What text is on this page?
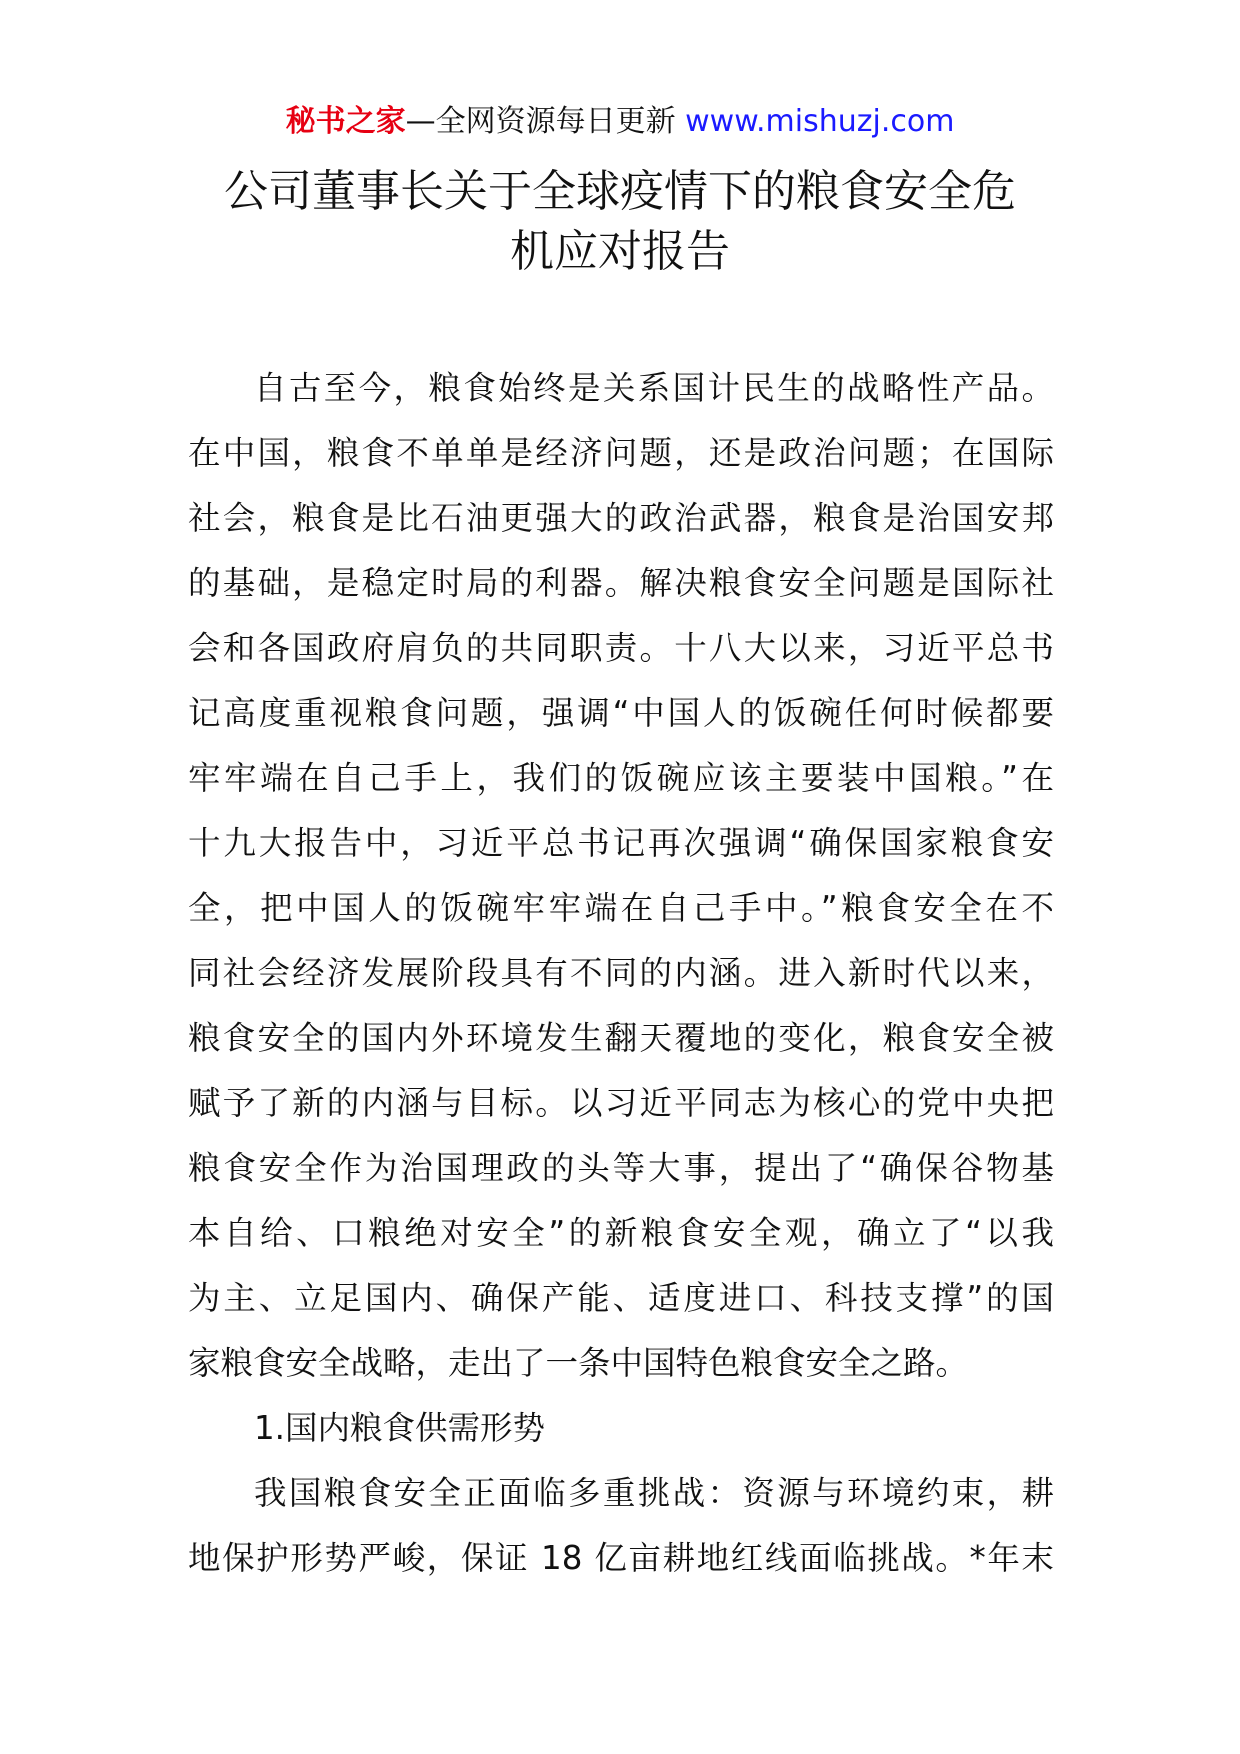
秘书之家—全网资源每日更新 www.mishuzj.com
公司董事长关于全球疫情下的粮食安全危
机应对报告
自古至今，粮食始终是关系国计民生的战略性产品。
在中国，粮食不单单是经济问题，还是政治问题；在国际
社会，粮食是比石油更强大的政治武器，粮食是治国安邦
的基础，是稳定时局的利器。解决粮食安全问题是国际社
会和各国政府肩负的共同职责。十八大以来，习近平总书
记高度重视粮食问题，强调“中国人的饭碗任何时候都要
牢牢端在自己手上，我们的饭碗应该主要装中国粮。”在
十九大报告中，习近平总书记再次强调“确保国家粮食安
全，把中国人的饭碗牢牢端在自己手中。”粮食安全在不
同社会经济发展阶段具有不同的内涵。进入新时代以来，
粮食安全的国内外环境发生翻天覆地的变化，粮食安全被
赋予了新的内涵与目标。以习近平同志为核心的党中央把
粮食安全作为治国理政的头等大事，提出了“确保谷物基
本自给、口粮绝对安全”的新粮食安全观，确立了“以我
为主、立足国内、确保产能、适度进口、科技支撑”的国
家粮食安全战略，走出了一条中国特色粮食安全之路。
1.国内粮食供需形势
我国粮食安全正面临多重挑战：资源与环境约束，耕
地保护形势严峻，保证 18 亿亩耕地红线面临挑战。*年末
